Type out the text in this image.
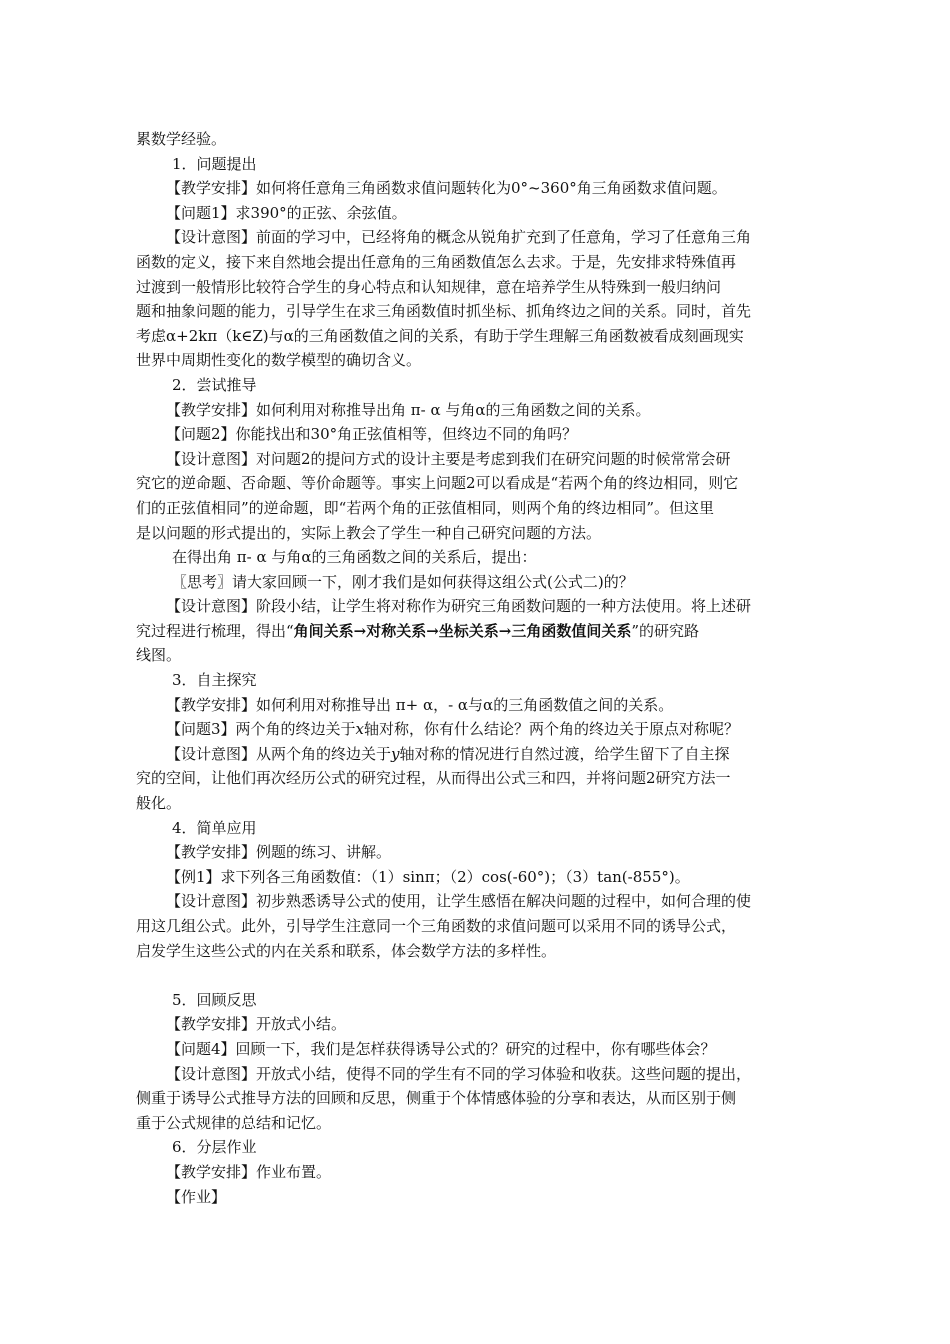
累数学经验。
1．问题提出
【教学安排】如何将任意角三角函数求值问题转化为0°~360°角三角函数求值问题。
【问题1】求390°的正弦、余弦值。
【设计意图】前面的学习中，已经将角的概念从锐角扩充到了任意角，学习了任意角三角
函数的定义，接下来自然地会提出任意角的三角函数值怎么去求。于是，先安排求特殊值再
过渡到一般情形比较符合学生的身心特点和认知规律，意在培养学生从特殊到一般归纳问
题和抽象问题的能力，引导学生在求三角函数值时抓坐标、抓角终边之间的关系。同时，首先
考虑α+2kπ（k∈Z)与α的三角函数值之间的关系，有助于学生理解三角函数被看成刻画现实
世界中周期性变化的数学模型的确切含义。
2．尝试推导
【教学安排】如何利用对称推导出角 π- α 与角α的三角函数之间的关系。
【问题2】你能找出和30°角正弦值相等，但终边不同的角吗？
【设计意图】对问题2的提问方式的设计主要是考虑到我们在研究问题的时候常常会研
究它的逆命题、否命题、等价命题等。事实上问题2可以看成是“若两个角的终边相同，则它
们的正弦值相同”的逆命题，即“若两个角的正弦值相同，则两个角的终边相同”。但这里
是以问题的形式提出的，实际上教会了学生一种自己研究问题的方法。
在得出角 π- α 与角α的三角函数之间的关系后，提出：
〖思考〗请大家回顾一下，刚才我们是如何获得这组公式(公式二)的？
【设计意图】阶段小结，让学生将对称作为研究三角函数问题的一种方法使用。将上述研
究过程进行梳理，得出“角间关系→对称关系→坐标关系→三角函数值间关系”的研究路
线图。
3．自主探究
【教学安排】如何利用对称推导出 π+ α，- α与α的三角函数值之间的关系。
【问题3】两个角的终边关于x轴对称，你有什么结论？两个角的终边关于原点对称呢？
【设计意图】从两个角的终边关于y轴对称的情况进行自然过渡，给学生留下了自主探
究的空间，让他们再次经历公式的研究过程，从而得出公式三和四，并将问题2研究方法一
般化。
4．简单应用
【教学安排】例题的练习、讲解。
【例1】求下列各三角函数值：（1）sinπ；（2）cos(-60°)；（3）tan(-855°)。
【设计意图】初步熟悉诱导公式的使用，让学生感悟在解决问题的过程中，如何合理的使
用这几组公式。此外，引导学生注意同一个三角函数的求值问题可以采用不同的诱导公式，
启发学生这些公式的内在关系和联系，体会数学方法的多样性。
5．回顾反思
【教学安排】开放式小结。
【问题4】回顾一下，我们是怎样获得诱导公式的？研究的过程中，你有哪些体会？
【设计意图】开放式小结，使得不同的学生有不同的学习体验和收获。这些问题的提出，
侧重于诱导公式推导方法的回顾和反思，侧重于个体情感体验的分享和表达，从而区别于侧
重于公式规律的总结和记忆。
6．分层作业
【教学安排】作业布置。
【作业】
